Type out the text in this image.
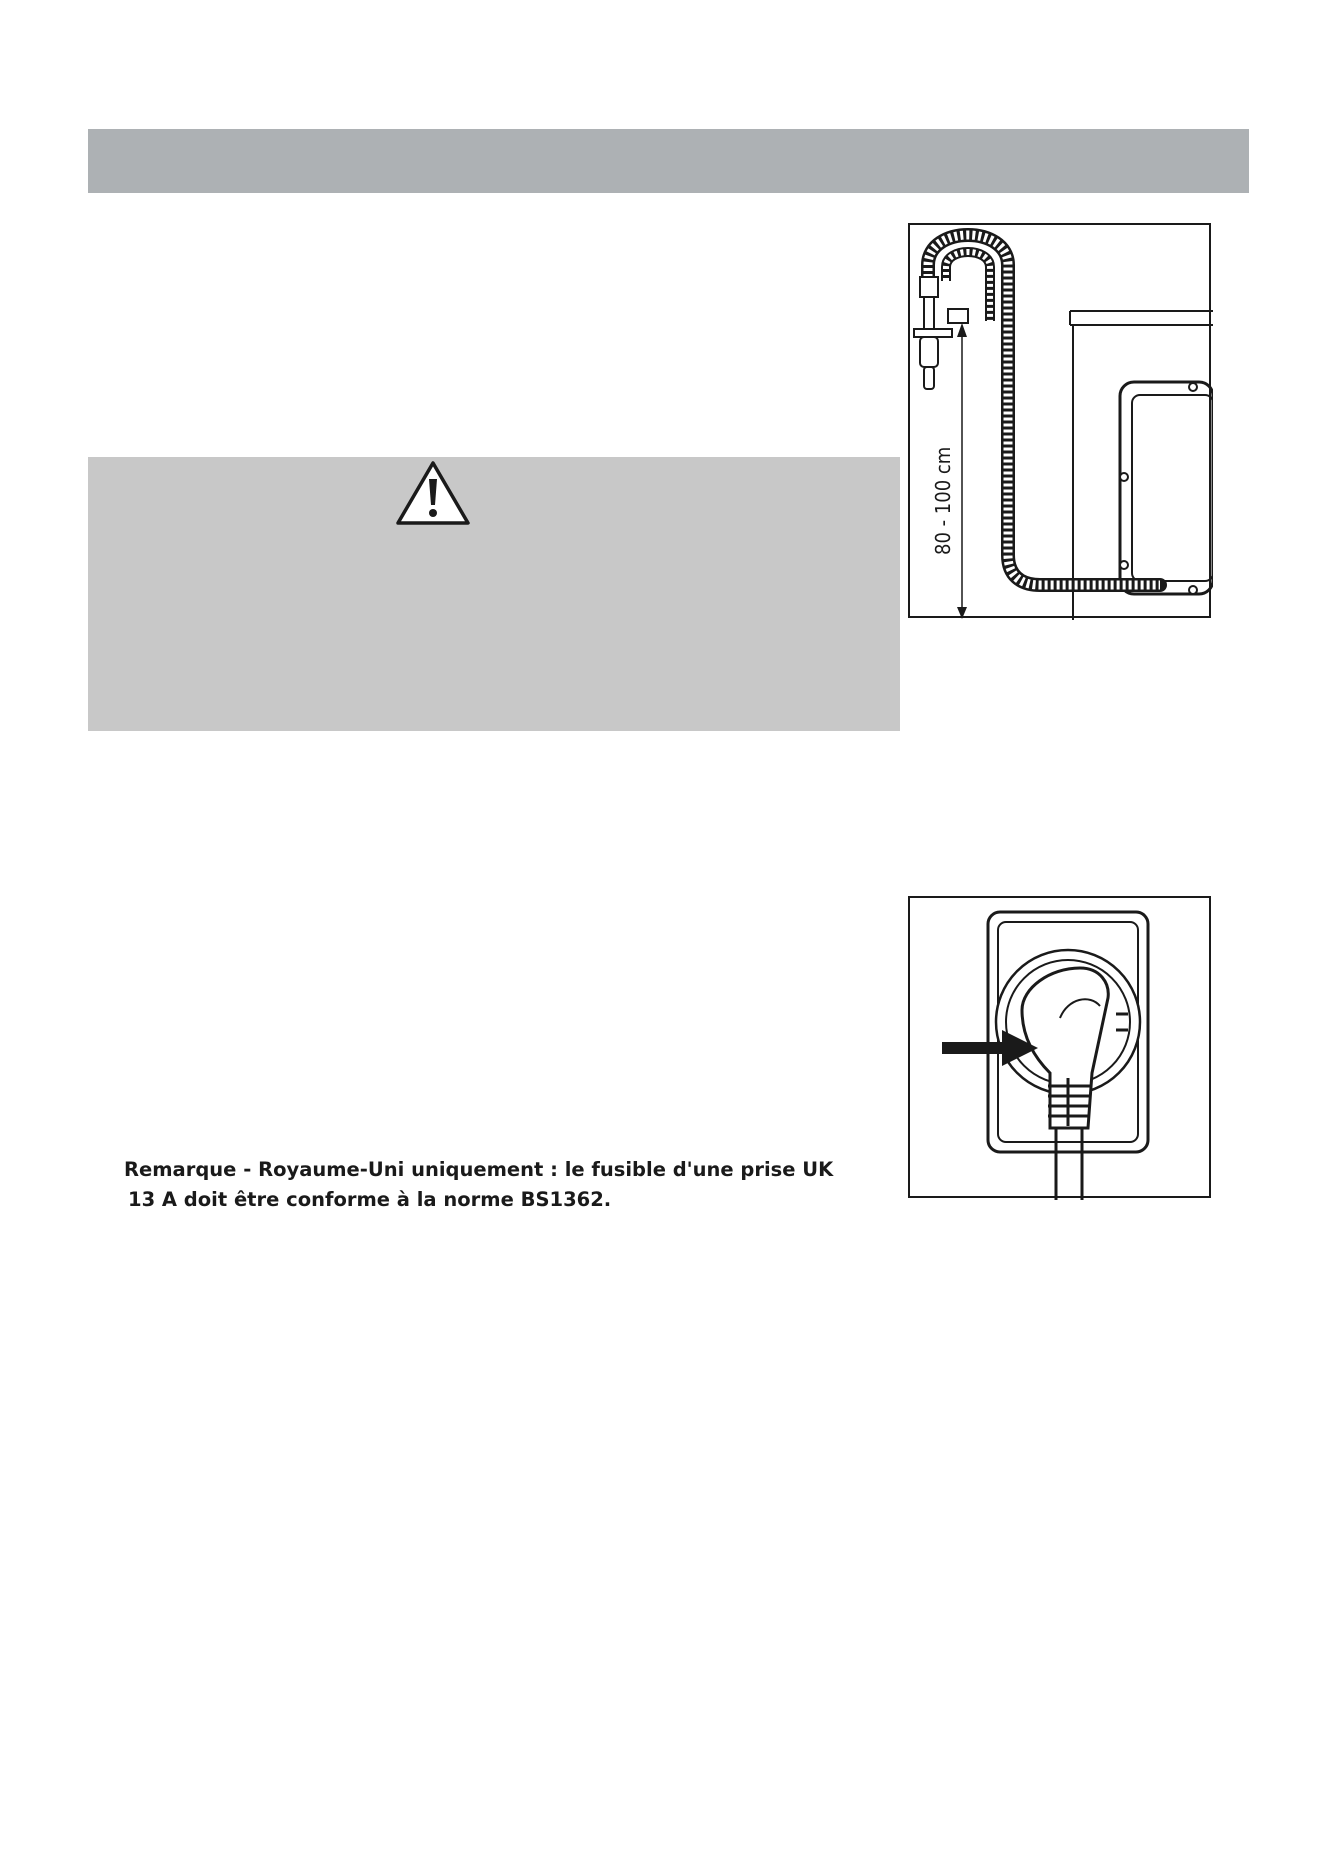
80 - 100 cm
Remarque - Royaume-Uni uniquement : le fusible d'une prise UK
13 A doit être conforme à la norme BS1362.
